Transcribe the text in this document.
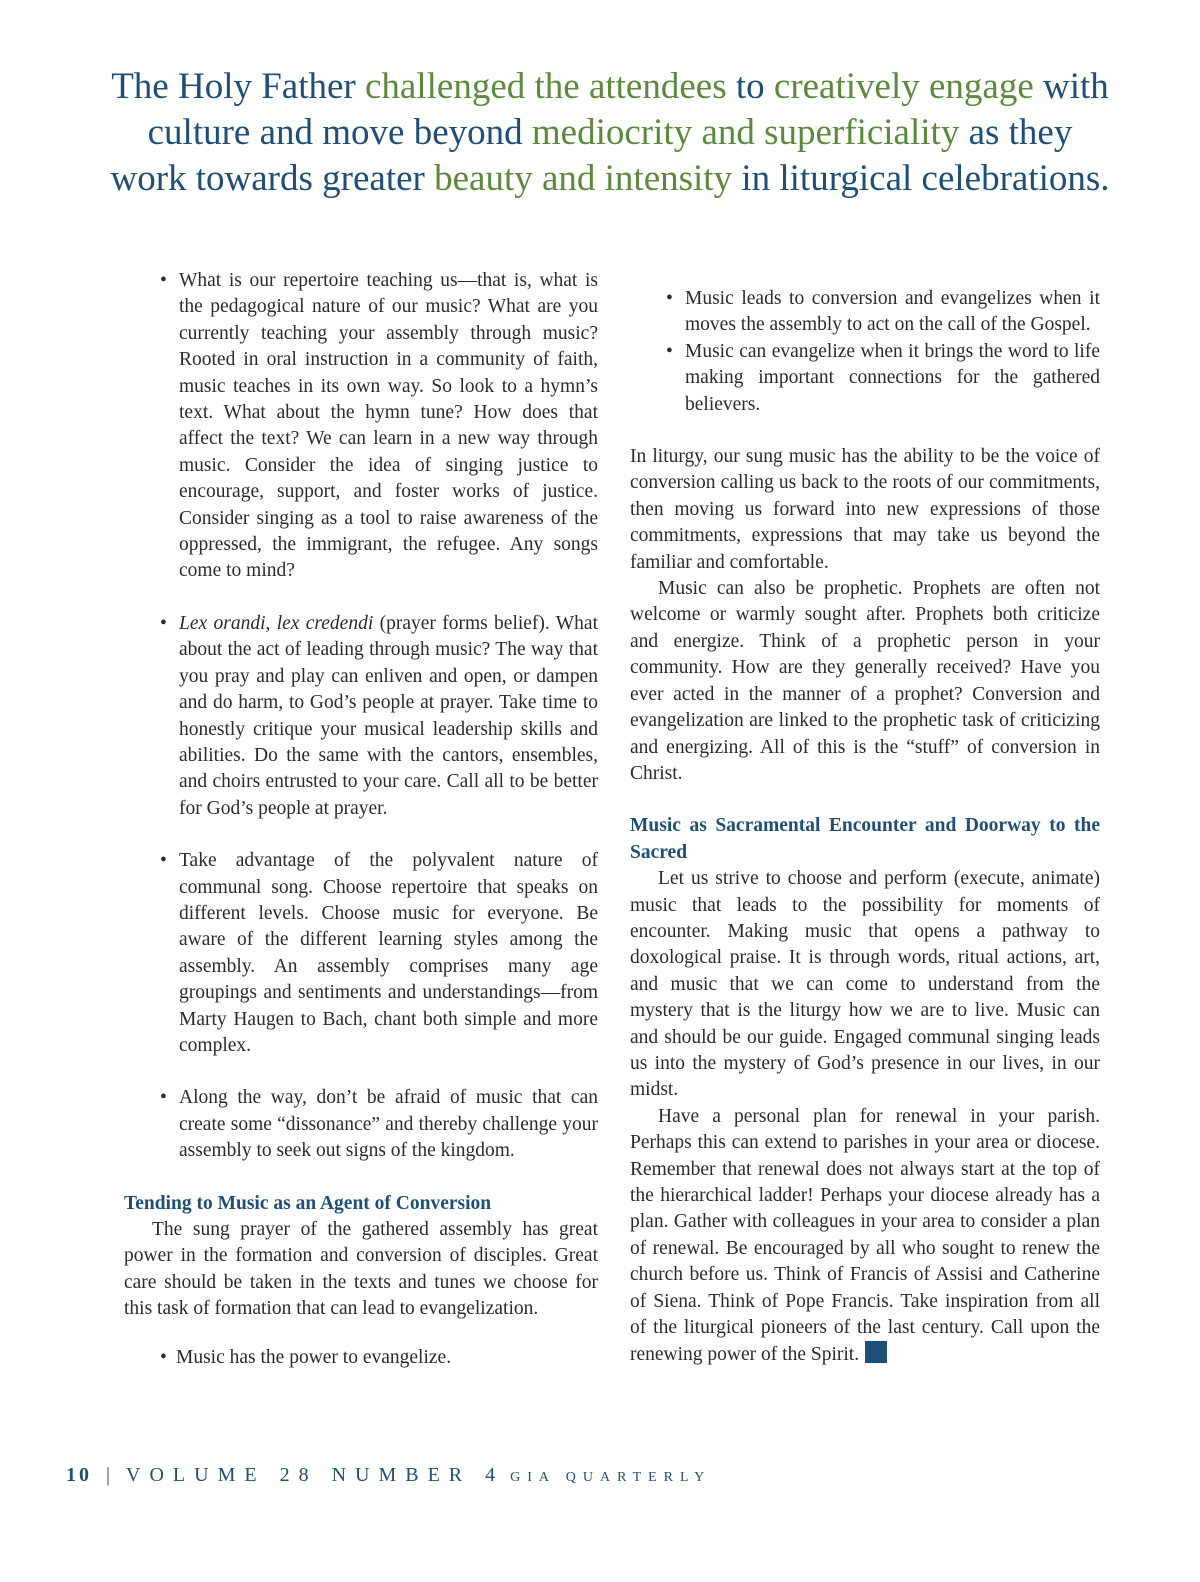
The Holy Father challenged the attendees to creatively engage with culture and move beyond mediocrity and superficiality as they work towards greater beauty and intensity in liturgical celebrations.
• What is our repertoire teaching us—that is, what is the pedagogical nature of our music? What are you currently teaching your assembly through music? Rooted in oral instruction in a community of faith, music teaches in its own way. So look to a hymn’s text. What about the hymn tune? How does that affect the text? We can learn in a new way through music. Consider the idea of singing justice to encourage, support, and foster works of justice. Consider singing as a tool to raise awareness of the oppressed, the immigrant, the refugee. Any songs come to mind?
• Lex orandi, lex credendi (prayer forms belief). What about the act of leading through music? The way that you pray and play can enliven and open, or dampen and do harm, to God’s people at prayer. Take time to honestly critique your musical leadership skills and abilities. Do the same with the cantors, ensembles, and choirs entrusted to your care. Call all to be better for God’s people at prayer.
• Take advantage of the polyvalent nature of communal song. Choose repertoire that speaks on different levels. Choose music for everyone. Be aware of the different learning styles among the assembly. An assembly comprises many age groupings and sentiments and understandings—from Marty Haugen to Bach, chant both simple and more complex.
• Along the way, don’t be afraid of music that can create some “dissonance” and thereby challenge your assembly to seek out signs of the kingdom.
Tending to Music as an Agent of Conversion

The sung prayer of the gathered assembly has great power in the formation and conversion of disciples. Great care should be taken in the texts and tunes we choose for this task of formation that can lead to evangelization.

• Music has the power to evangelize.
• Music leads to conversion and evangelizes when it moves the assembly to act on the call of the Gospel.
• Music can evangelize when it brings the word to life making important connections for the gathered believers.

In liturgy, our sung music has the ability to be the voice of conversion calling us back to the roots of our commitments, then moving us forward into new expressions of those commitments, expressions that may take us beyond the familiar and comfortable.

Music can also be prophetic. Prophets are often not welcome or warmly sought after. Prophets both criticize and energize. Think of a prophetic person in your community. How are they generally received? Have you ever acted in the manner of a prophet? Conversion and evangelization are linked to the prophetic task of criticizing and energizing. All of this is the “stuff” of conversion in Christ.

Music as Sacramental Encounter and Doorway to the Sacred

Let us strive to choose and perform (execute, animate) music that leads to the possibility for moments of encounter. Making music that opens a pathway to doxological praise. It is through words, ritual actions, art, and music that we can come to understand from the mystery that is the liturgy how we are to live. Music can and should be our guide. Engaged communal singing leads us into the mystery of God’s presence in our lives, in our midst.

Have a personal plan for renewal in your parish. Perhaps this can extend to parishes in your area or diocese. Remember that renewal does not always start at the top of the hierarchical ladder! Perhaps your diocese already has a plan. Gather with colleagues in your area to consider a plan of renewal. Be encouraged by all who sought to renew the church before us. Think of Francis of Assisi and Catherine of Siena. Think of Pope Francis. Take inspiration from all of the liturgical pioneers of the last century. Call upon the renewing power of the Spirit.

10 | VOLUME 28 NUMBER 4 GIA QUARTERLY
